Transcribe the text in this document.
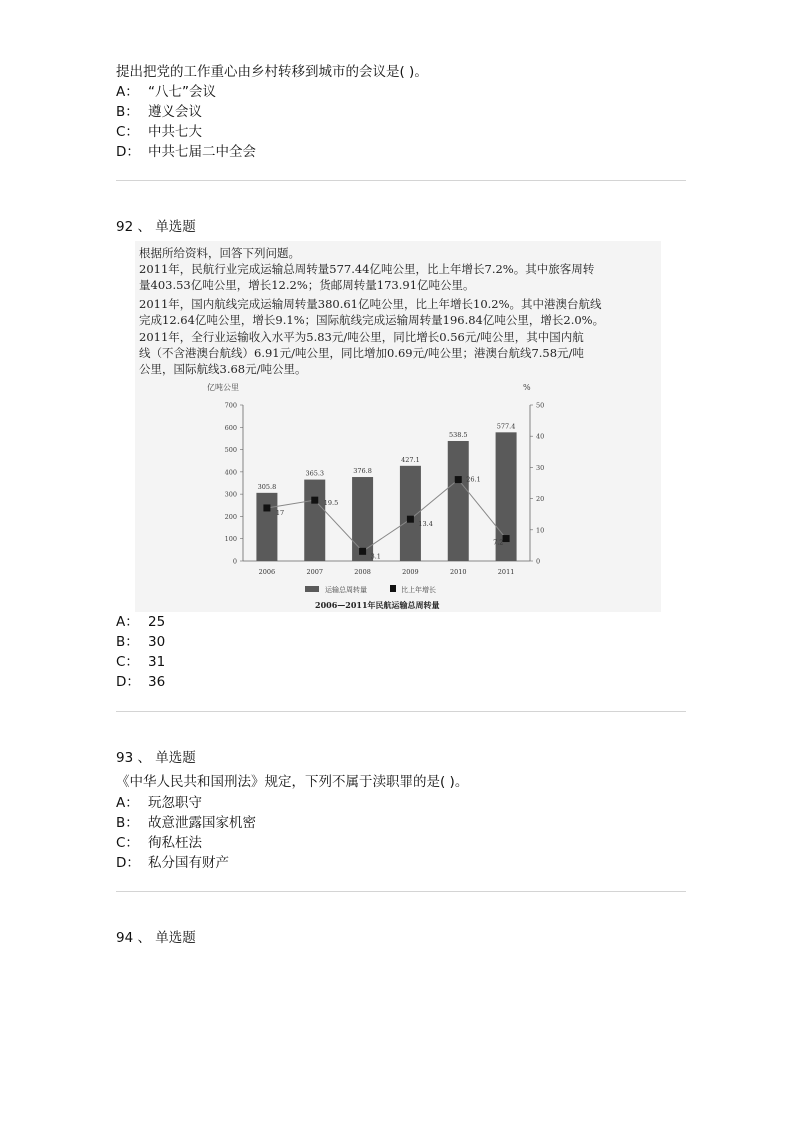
提出把党的工作重心由乡村转移到城市的会议是( )。
A： “八七”会议
B： 遵义会议
C： 中共七大
D： 中共七届二中全会
92 、 单选题
根据所给资料，回答下列问题。
2011年，民航行业完成运输总周转量577.44亿吨公里，比上年增长7.2%。其中旅客周转
量403.53亿吨公里，增长12.2%；货邮周转量173.91亿吨公里。
2011年，国内航线完成运输周转量380.61亿吨公里，比上年增长10.2%。其中港澳台航线
完成12.64亿吨公里，增长9.1%；国际航线完成运输周转量196.84亿吨公里，增长2.0%。
2011年，全行业运输收入水平为5.83元/吨公里，同比增长0.56元/吨公里，其中国内航
线（不含港澳台航线）6.91元/吨公里，同比增加0.69元/吨公里；港澳台航线7.58元/吨
公里，国际航线3.68元/吨公里。
亿吨公里	%
0
100
200
300
400
500
600
700
0
10
20
30
40
50
305.8
2006
365.3
2007
376.8
2008
427.1
2009
538.5
2010
577.4
2011
17
19.5
3.1
13.4
26.1
7.2
运输总周转量	比上年增长
2006—2011年民航运输总周转量
A： 25
B： 30
C： 31
D： 36
93 、 单选题
《中华人民共和国刑法》规定，下列不属于渎职罪的是( )。
A： 玩忽职守
B： 故意泄露国家机密
C： 徇私枉法
D： 私分国有财产
94 、 单选题
